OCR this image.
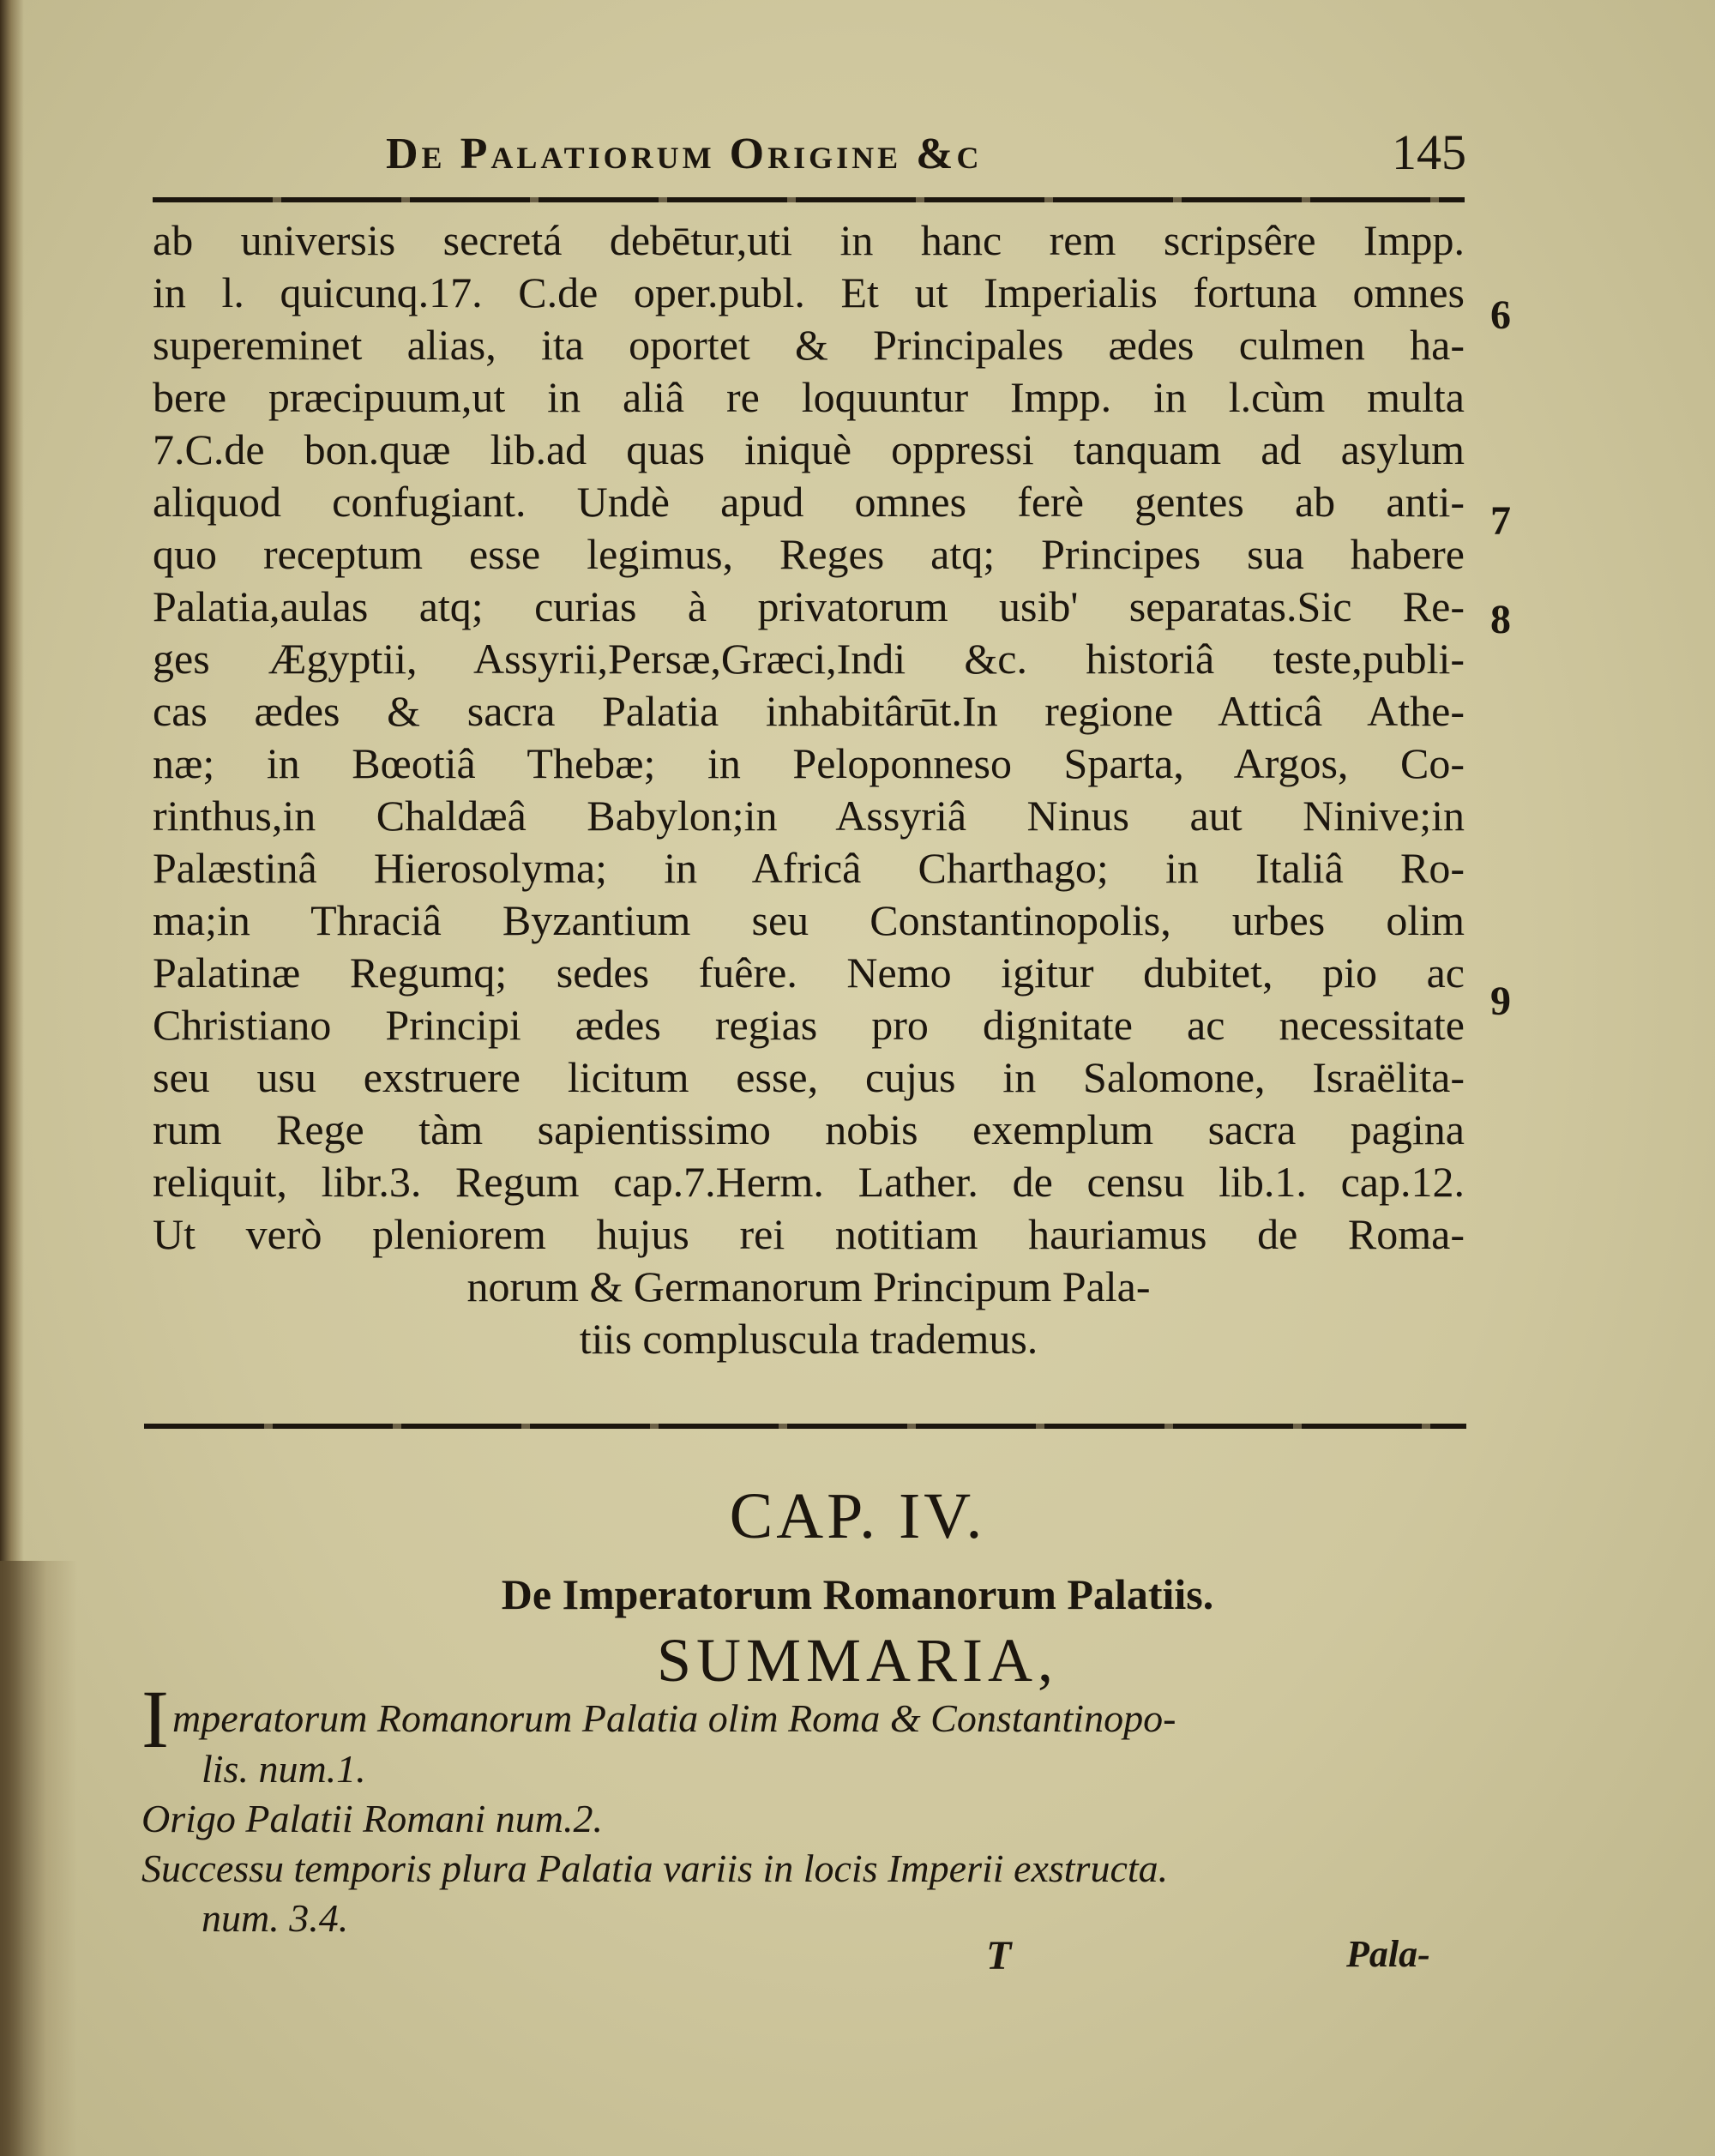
De Palatiorum Origine &c	145
ab universis secretá debētur,uti in hanc rem scripsêre Impp.
in l. quicunq.17. C.de oper.publ. Et ut Imperialis fortuna omnes
supereminet alias, ita oportet & Principales ædes culmen ha-
bere præcipuum,ut in aliâ re loquuntur Impp. in l.cùm multa
7.C.de bon.quæ lib.ad quas iniquè oppressi tanquam ad asylum
aliquod confugiant. Undè apud omnes ferè gentes ab anti-
quo receptum esse legimus, Reges atq; Principes sua habere
Palatia,aulas atq; curias à privatorum usib' separatas.Sic Re-
ges Ægyptii, Assyrii,Persæ,Græci,Indi &c. historiâ teste,publi-
cas ædes & sacra Palatia inhabitârūt.In regione Atticâ Athe-
næ; in Bœotiâ Thebæ; in Peloponneso Sparta, Argos, Co-
rinthus,in Chaldæâ Babylon;in Assyriâ Ninus aut Ninive;in
Palæstinâ Hierosolyma; in Africâ Charthago; in Italiâ Ro-
ma;in Thraciâ Byzantium seu Constantinopolis, urbes olim
Palatinæ Regumq; sedes fuêre. Nemo igitur dubitet, pio ac
Christiano Principi ædes regias pro dignitate ac necessitate
seu usu exstruere licitum esse, cujus in Salomone, Israëlita-
rum Rege tàm sapientissimo nobis exemplum sacra pagina
reliquit, libr.3. Regum cap.7.Herm. Lather. de censu lib.1. cap.12.
Ut verò pleniorem hujus rei notitiam hauriamus de Roma-
norum & Germanorum Principum Pala-
tiis compluscula trademus.
6
7
8
9
CAP. IV.
De Imperatorum Romanorum Palatiis.
SUMMARIA,
Imperatorum Romanorum Palatia olim Roma & Constantinopo-
lis. num.1.
Origo Palatii Romani num.2.
Successu temporis plura Palatia variis in locis Imperii exstructa.
num. 3.4.
T	Pala-
